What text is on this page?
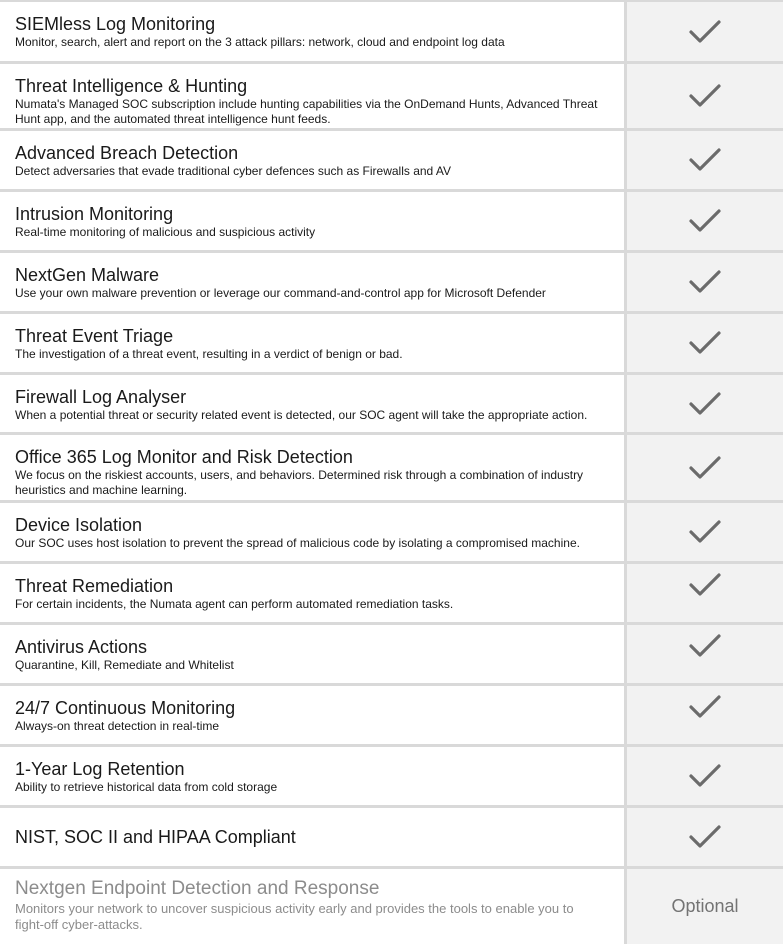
SIEMless Log Monitoring
Monitor, search, alert and report on the 3 attack pillars: network, cloud and endpoint log data
Threat Intelligence & Hunting
Numata's Managed SOC subscription include hunting capabilities via the OnDemand Hunts, Advanced Threat Hunt app, and the automated threat intelligence hunt feeds.
Advanced Breach Detection
Detect adversaries that evade traditional cyber defences such as Firewalls and AV
Intrusion Monitoring
Real-time monitoring of malicious and suspicious activity
NextGen Malware
Use your own malware prevention or leverage our command-and-control app for Microsoft Defender
Threat Event Triage
The investigation of a threat event, resulting in a verdict of benign or bad.
Firewall Log Analyser
When a potential threat or security related event is detected, our SOC agent will take the appropriate action.
Office 365 Log Monitor and Risk Detection
We focus on the riskiest accounts, users, and behaviors. Determined risk through a combination of industry heuristics and machine learning.
Device Isolation
Our SOC uses host isolation to prevent the spread of malicious code by isolating a compromised machine.
Threat Remediation
For certain incidents, the Numata agent can perform automated remediation tasks.
Antivirus Actions
Quarantine, Kill, Remediate and Whitelist
24/7 Continuous Monitoring
Always-on threat detection in real-time
1-Year Log Retention
Ability to retrieve historical data from cold storage
NIST, SOC II and HIPAA Compliant
Nextgen Endpoint Detection and Response
Monitors your network to uncover suspicious activity early and provides the tools to enable you to fight-off cyber-attacks.
Optional
